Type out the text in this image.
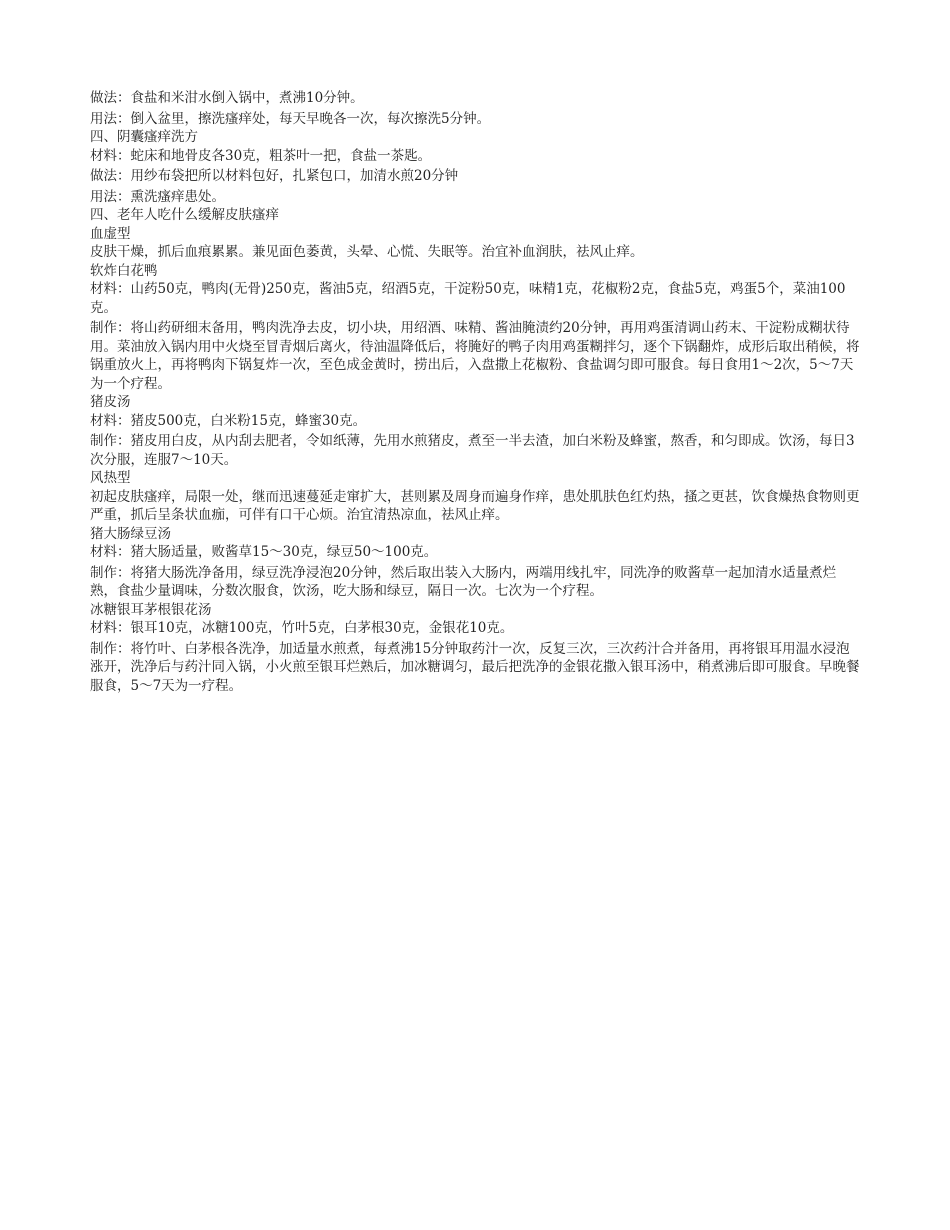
做法：食盐和米泔水倒入锅中，煮沸10分钟。

用法：倒入盆里，擦洗瘙痒处，每天早晚各一次，每次擦洗5分钟。

四、阴囊瘙痒洗方

材料：蛇床和地骨皮各30克，粗茶叶一把，食盐一茶匙。

做法：用纱布袋把所以材料包好，扎紧包口，加清水煎20分钟

用法：熏洗瘙痒患处。

四、老年人吃什么缓解皮肤瘙痒

血虚型

皮肤干燥，抓后血痕累累。兼见面色萎黄，头晕、心慌、失眠等。治宜补血润肤，祛风止痒。

软炸白花鸭

材料：山药50克，鸭肉(无骨)250克，酱油5克，绍酒5克，干淀粉50克，味精1克，花椒粉2克，食盐5克，鸡蛋5个，菜油100克。

制作：将山药研细末备用，鸭肉洗净去皮，切小块，用绍酒、味精、酱油腌渍约20分钟，再用鸡蛋清调山药末、干淀粉成糊状待用。菜油放入锅内用中火烧至冒青烟后离火，待油温降低后，将腌好的鸭子肉用鸡蛋糊拌匀，逐个下锅翻炸，成形后取出稍候，将锅重放火上，再将鸭肉下锅复炸一次，至色成金黄时，捞出后，入盘撒上花椒粉、食盐调匀即可服食。每日食用1～2次，5～7天为一个疗程。

猪皮汤

材料：猪皮500克，白米粉15克，蜂蜜30克。

制作：猪皮用白皮，从内刮去肥者，令如纸薄，先用水煎猪皮，煮至一半去渣，加白米粉及蜂蜜，熬香，和匀即成。饮汤，每日3次分服，连服7～10天。

风热型

初起皮肤瘙痒，局限一处，继而迅速蔓延走窜扩大，甚则累及周身而遍身作痒，患处肌肤色红灼热，搔之更甚，饮食燥热食物则更严重，抓后呈条状血痂，可伴有口干心烦。治宜清热凉血，祛风止痒。

猪大肠绿豆汤

材料：猪大肠适量，败酱草15～30克，绿豆50～100克。

制作：将猪大肠洗净备用，绿豆洗净浸泡20分钟，然后取出装入大肠内，两端用线扎牢，同洗净的败酱草一起加清水适量煮烂熟，食盐少量调味，分数次服食，饮汤，吃大肠和绿豆，隔日一次。七次为一个疗程。

冰糖银耳茅根银花汤

材料：银耳10克，冰糖100克，竹叶5克，白茅根30克，金银花10克。

制作：将竹叶、白茅根各洗净，加适量水煎煮，每煮沸15分钟取药汁一次，反复三次，三次药汁合并备用，再将银耳用温水浸泡涨开，洗净后与药汁同入锅，小火煎至银耳烂熟后，加冰糖调匀，最后把洗净的金银花撒入银耳汤中，稍煮沸后即可服食。早晚餐服食，5～7天为一疗程。
